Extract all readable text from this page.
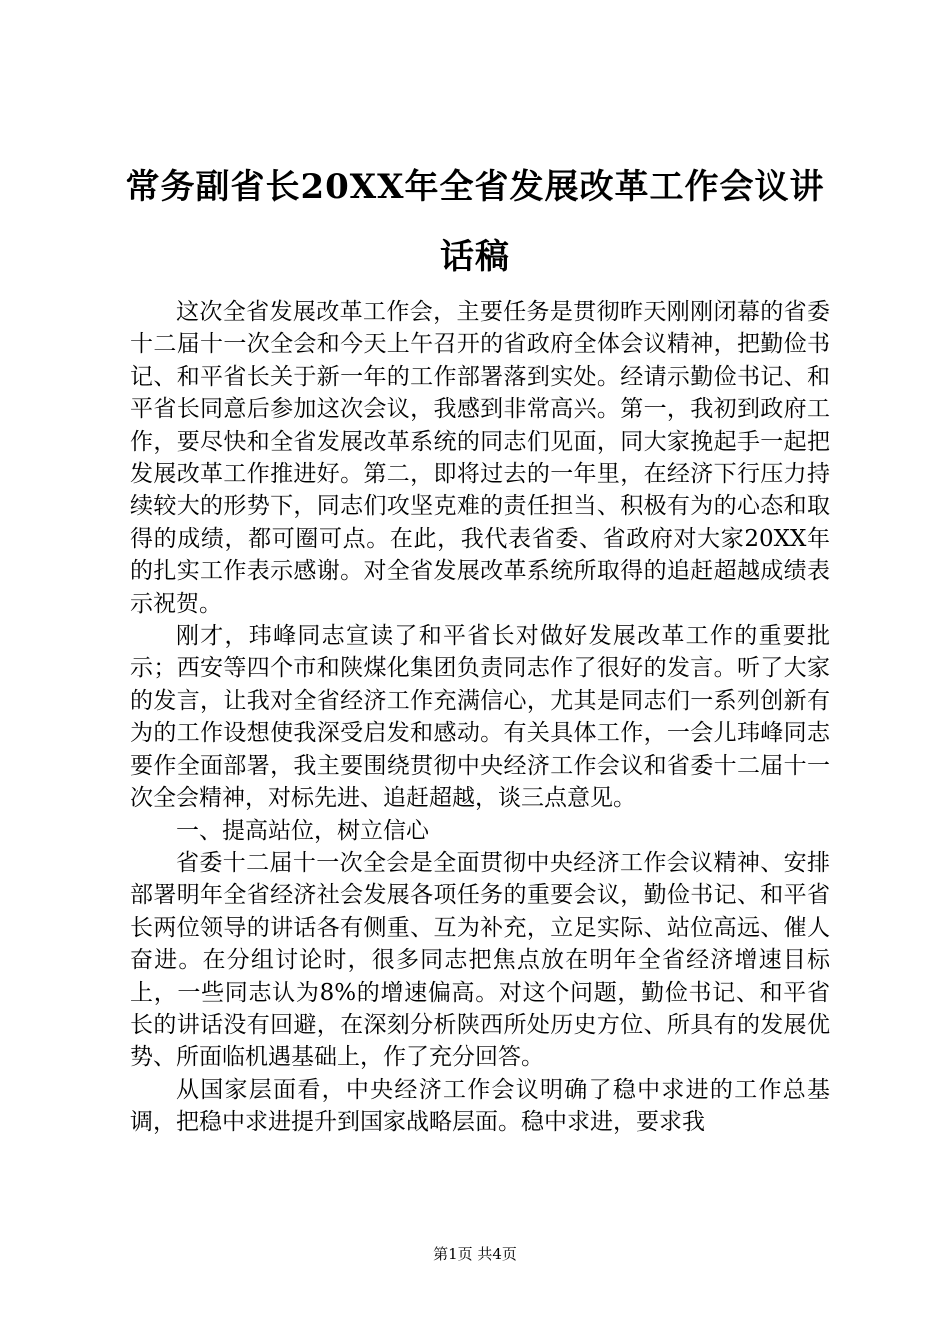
常务副省长20XX年全省发展改革工作会议讲
话稿

这次全省发展改革工作会，主要任务是贯彻昨天刚刚闭幕的省委十二届十一次全会和今天上午召开的省政府全体会议精神，把勤俭书记、和平省长关于新一年的工作部署落到实处。经请示勤俭书记、和平省长同意后参加这次会议，我感到非常高兴。第一，我初到政府工作，要尽快和全省发展改革系统的同志们见面，同大家挽起手一起把发展改革工作推进好。第二，即将过去的一年里，在经济下行压力持续较大的形势下，同志们攻坚克难的责任担当、积极有为的心态和取得的成绩，都可圈可点。在此，我代表省委、省政府对大家20XX年的扎实工作表示感谢。对全省发展改革系统所取得的追赶超越成绩表示祝贺。

刚才，玮峰同志宣读了和平省长对做好发展改革工作的重要批示；西安等四个市和陕煤化集团负责同志作了很好的发言。听了大家的发言，让我对全省经济工作充满信心，尤其是同志们一系列创新有为的工作设想使我深受启发和感动。有关具体工作，一会儿玮峰同志要作全面部署，我主要围绕贯彻中央经济工作会议和省委十二届十一次全会精神，对标先进、追赶超越，谈三点意见。

一、提高站位，树立信心

省委十二届十一次全会是全面贯彻中央经济工作会议精神、安排部署明年全省经济社会发展各项任务的重要会议，勤俭书记、和平省长两位领导的讲话各有侧重、互为补充，立足实际、站位高远、催人奋进。在分组讨论时，很多同志把焦点放在明年全省经济增速目标上，一些同志认为8%的增速偏高。对这个问题，勤俭书记、和平省长的讲话没有回避，在深刻分析陕西所处历史方位、所具有的发展优势、所面临机遇基础上，作了充分回答。

从国家层面看，中央经济工作会议明确了稳中求进的工作总基调，把稳中求进提升到国家战略层面。稳中求进，要求我

第1页 共4页
